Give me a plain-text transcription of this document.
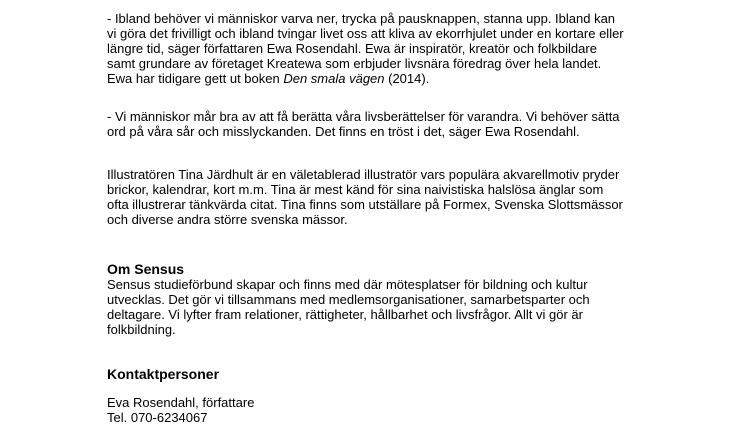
- Ibland behöver vi människor varva ner, trycka på pausknappen, stanna upp. Ibland kan

vi göra det frivilligt och ibland tvingar livet oss att kliva av ekorrhjulet under en kortare eller

längre tid, säger författaren Ewa Rosendahl. Ewa är inspiratör, kreatör och folkbildare

samt grundare av företaget Kreatewa som erbjuder livsnära föredrag över hela landet.

Ewa har tidigare gett ut boken Den smala vägen (2014).

- Vi människor mår bra av att få berätta våra livsberättelser för varandra. Vi behöver sätta

ord på våra sår och misslyckanden. Det finns en tröst i det, säger Ewa Rosendahl.

Illustratören Tina Järdhult är en väletablerad illustratör vars populära akvarellmotiv pryder

brickor, kalendrar, kort m.m. Tina är mest känd för sina naivistiska halslösa änglar som

ofta illustrerar tänkvärda citat. Tina finns som utställare på Formex, Svenska Slottsmässor

och diverse andra större svenska mässor.

Om Sensus

Sensus studieförbund skapar och finns med där mötesplatser för bildning och kultur

utvecklas. Det gör vi tillsammans med medlemsorganisationer, samarbetsparter och

deltagare. Vi lyfter fram relationer, rättigheter, hållbarhet och livsfrågor. Allt vi gör är

folkbildning.

Kontaktpersoner

Eva Rosendahl, författare

Tel. 070-6234067
